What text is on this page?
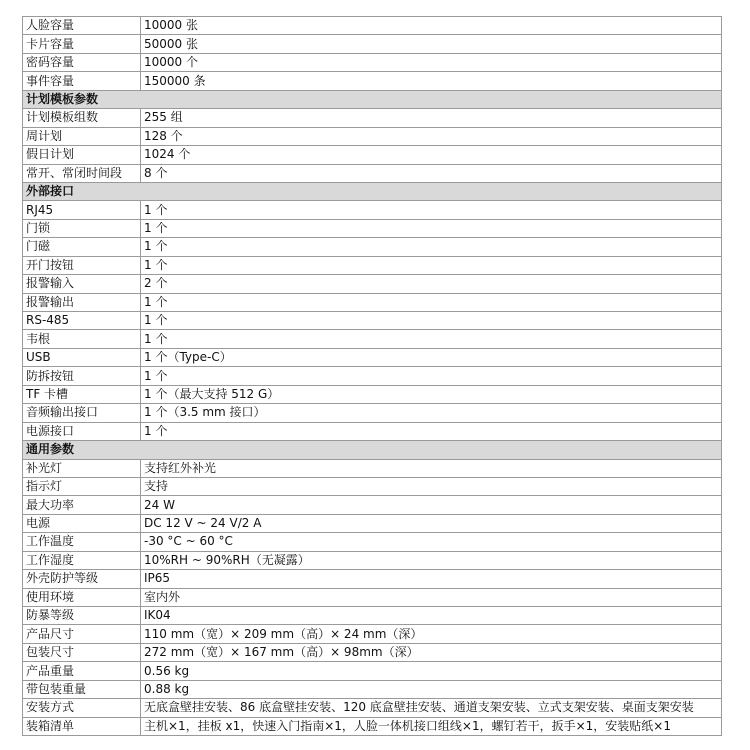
人脸容量	10000 张
卡片容量	50000 张
密码容量	10000 个
事件容量	150000 条
计划模板参数	
计划模板组数	255 组
周计划	128 个
假日计划	1024 个
常开、常闭时间段	8 个
外部接口	
RJ45	1 个
门锁	1 个
门磁	1 个
开门按钮	1 个
报警输入	2 个
报警输出	1 个
RS-485	1 个
韦根	1 个
USB	1 个（Type-C）
防拆按钮	1 个
TF 卡槽	1 个（最大支持 512 G）
音频输出接口	1 个（3.5 mm 接口）
电源接口	1 个
通用参数	
补光灯	支持红外补光
指示灯	支持
最大功率	24 W
电源	DC 12 V ~ 24 V/2 A
工作温度	-30 °C ~ 60 °C
工作湿度	10%RH ~ 90%RH（无凝露）
外壳防护等级	IP65
使用环境	室内外
防暴等级	IK04
产品尺寸	110 mm（宽）× 209 mm（高）× 24 mm（深）
包装尺寸	272 mm（宽）× 167 mm（高）× 98mm（深）
产品重量	0.56 kg
带包装重量	0.88 kg
安装方式	无底盒壁挂安装、86 底盒壁挂安装、120 底盒壁挂安装、通道支架安装、立式支架安装、桌面支架安装
装箱清单	主机×1，挂板 x1，快速入门指南×1，人脸一体机接口组线×1，螺钉若干，扳手×1，安装贴纸×1
